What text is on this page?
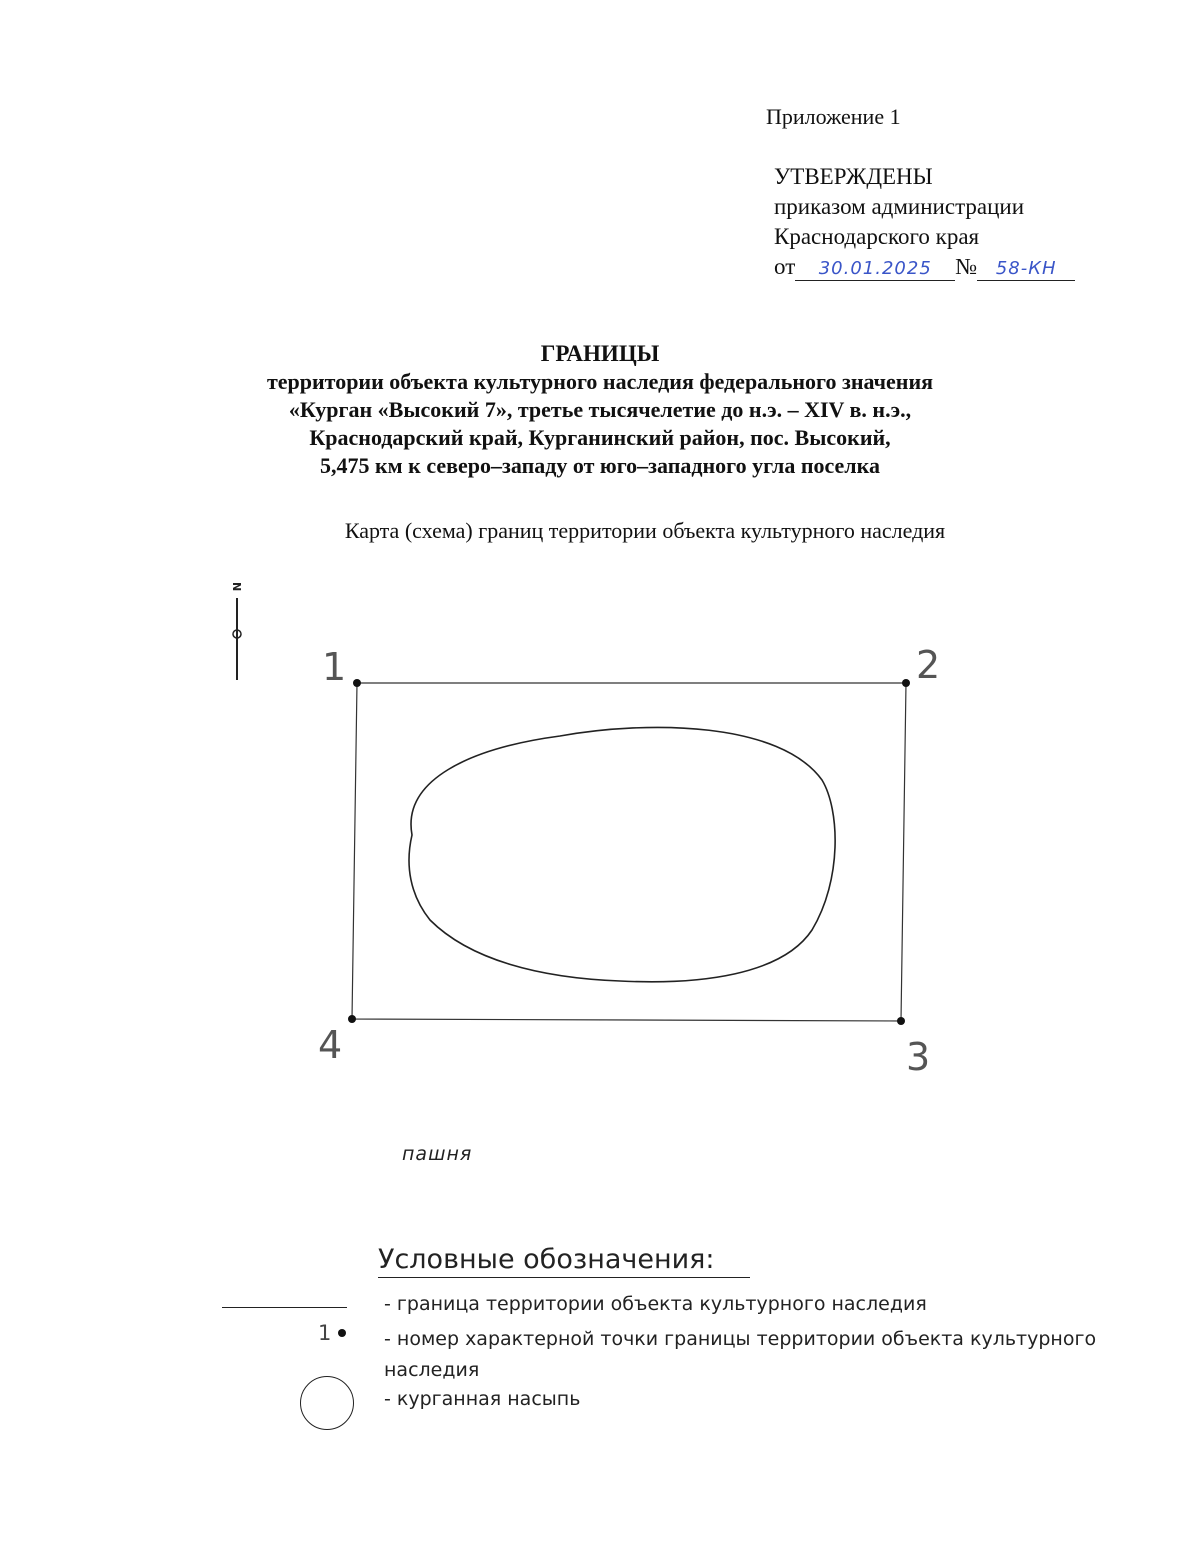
Приложение 1
УТВЕРЖДЕНЫ
приказом администрации
Краснодарского края
от 30.01.2025 № 58-КН
ГРАНИЦЫ
территории объекта культурного наследия федерального значения
«Курган «Высокий 7», третье тысячелетие до н.э. – XIV в. н.э.,
Краснодарский край, Курганинский район, пос. Высокий,
5,475 км к северо–западу от юго–западного угла поселка
Карта (схема) границ территории объекта культурного наследия
N
1	2
3
4
пашня
Условные обозначения:
- граница территории объекта культурного наследия
1	- номер характерной точки границы территории объекта культурного наследия
- курганная насыпь
